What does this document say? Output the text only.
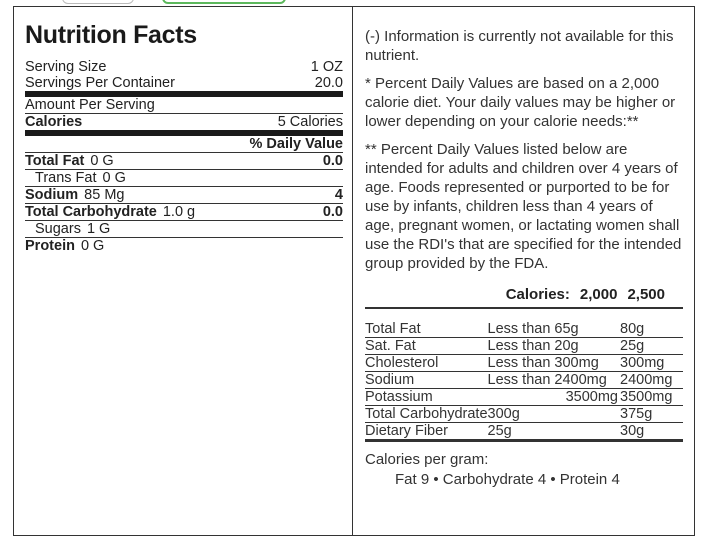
Nutrition Facts
Serving Size	1 OZ
Servings Per Container	20.0
Amount Per Serving
Calories	5 Calories
% Daily Value
Total Fat 0 G	0.0
Trans Fat 0 G
Sodium 85 Mg	4
Total Carbohydrate 1.0 g	0.0
Sugars 1 G
Protein 0 G

(-) Information is currently not available for this nutrient.

* Percent Daily Values are based on a 2,000 calorie diet. Your daily values may be higher or lower depending on your calorie needs:**

** Percent Daily Values listed below are intended for adults and children over 4 years of age. Foods represented or purported to be for use by infants, children less than 4 years of age, pregnant women, or lactating women shall use the RDI's that are specified for the intended group provided by the FDA.

Calories: 2,000 2,500
Total Fat	Less than 65g	80g
Sat. Fat	Less than 20g	25g
Cholesterol	Less than 300mg	300mg
Sodium	Less than 2400mg	2400mg
Potassium	3500mg	3500mg
Total Carbohydrate	300g	375g
Dietary Fiber	25g	30g
Calories per gram:
Fat 9 • Carbohydrate 4 • Protein 4
